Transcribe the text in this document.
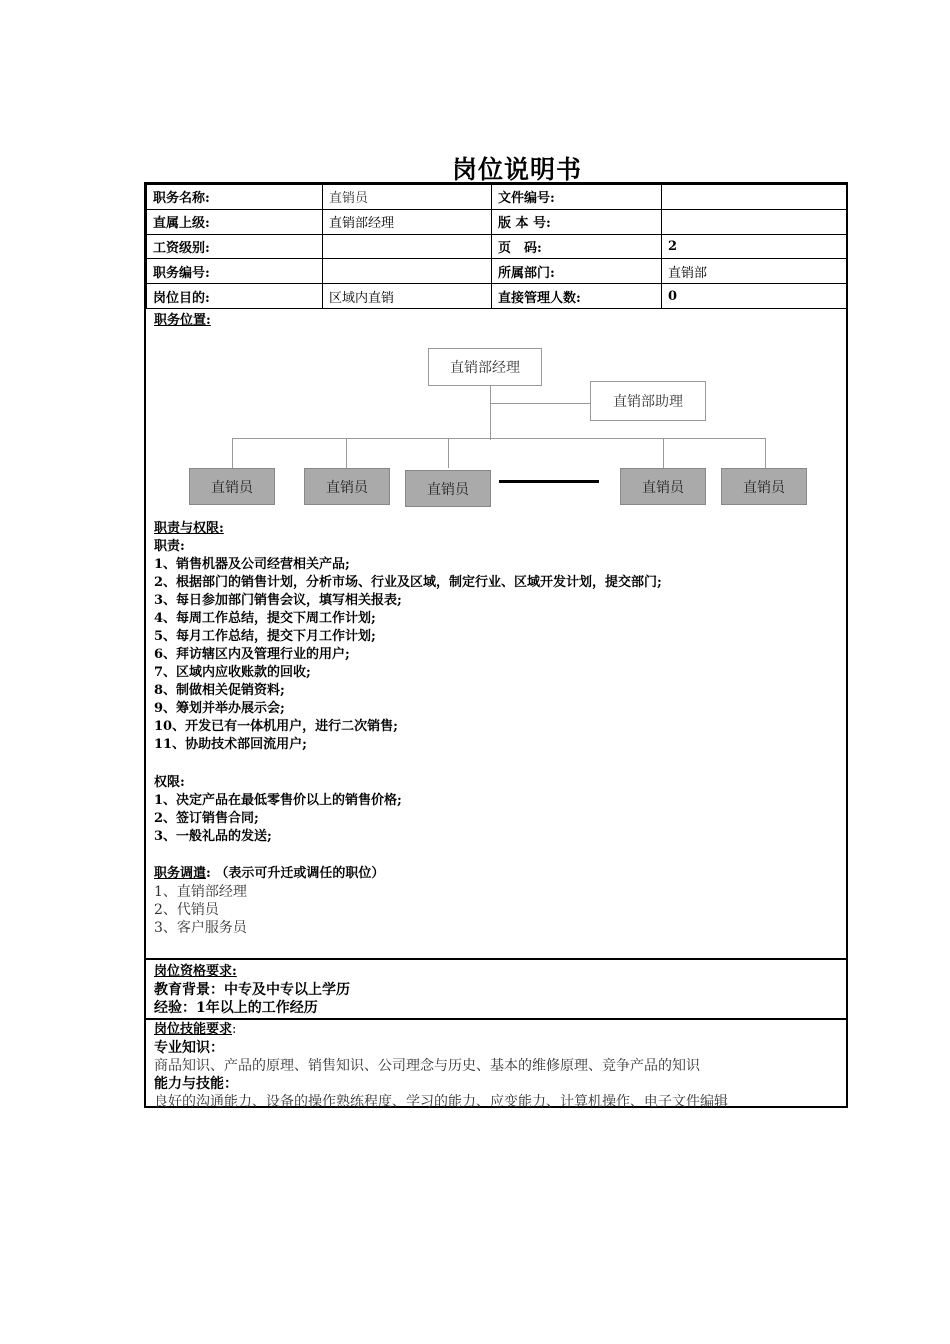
岗位说明书
职务名称:	直销员	文件编号:	
直属上级:	直销部经理	版 本 号:	
工资级别:		页　码:	2
职务编号:		所属部门:	直销部
岗位目的:	区域内直销	直接管理人数:	0
职务位置:
直销部经理
直销部助理
直销员	直销员	直销员	直销员	直销员
职责与权限:
职责:
1、销售机器及公司经营相关产品;
2、根据部门的销售计划，分析市场、行业及区域，制定行业、区域开发计划，提交部门;
3、每日参加部门销售会议，填写相关报表;
4、每周工作总结，提交下周工作计划;
5、每月工作总结，提交下月工作计划;
6、拜访辖区内及管理行业的用户;
7、区域内应收账款的回收;
8、制做相关促销资料;
9、筹划并举办展示会;
10、开发已有一体机用户，进行二次销售;
11、协助技术部回流用户;
权限:
1、决定产品在最低零售价以上的销售价格;
2、签订销售合同;
3、一般礼品的发送;
职务调遣: （表示可升迁或调任的职位）
1、直销部经理
2、代销员
3、客户服务员
岗位资格要求:
教育背景：中专及中专以上学历
经验：1年以上的工作经历
岗位技能要求:
专业知识：
商品知识、产品的原理、销售知识、公司理念与历史、基本的维修原理、竞争产品的知识
能力与技能：
良好的沟通能力、设备的操作熟练程度、学习的能力、应变能力、计算机操作、电子文件编辑
